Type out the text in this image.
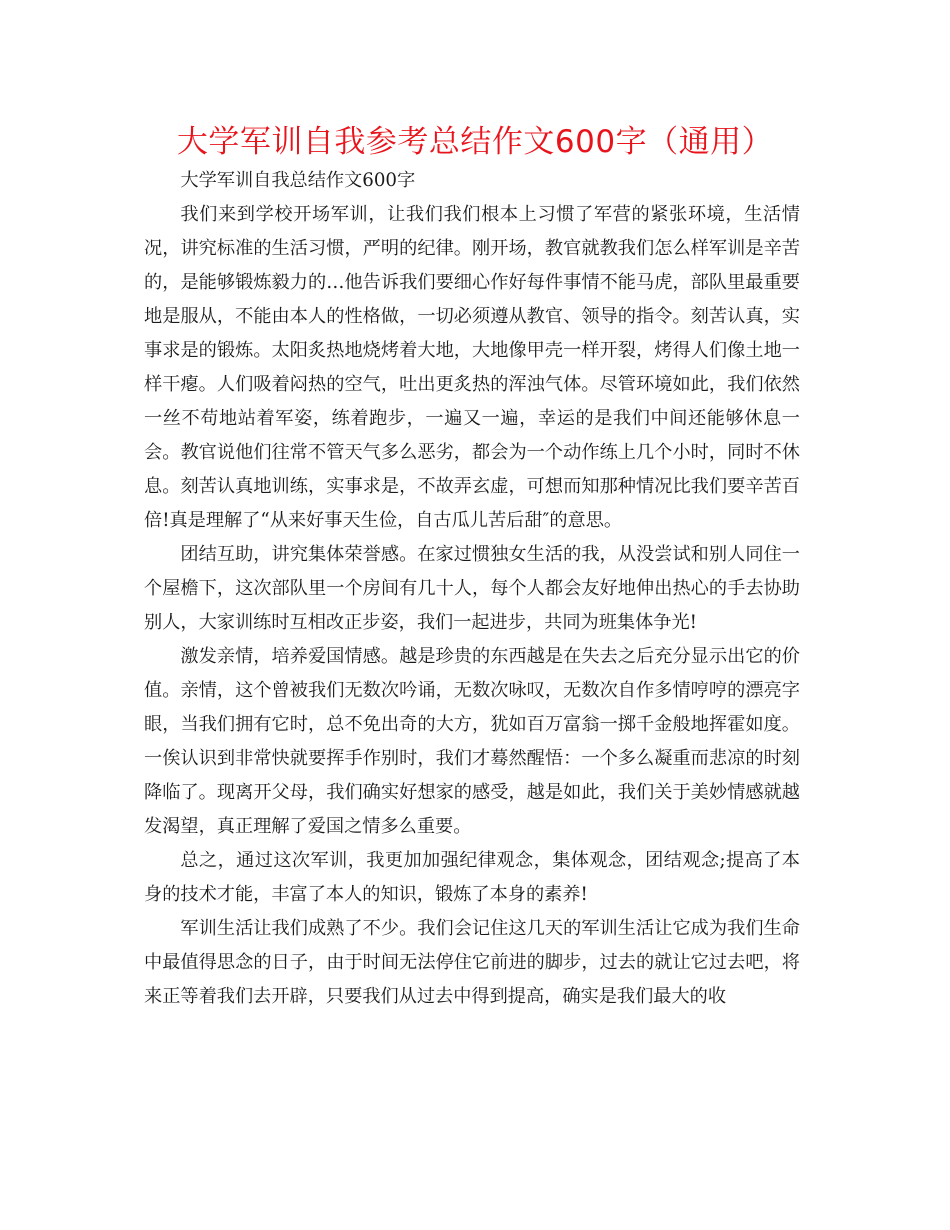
大学军训自我参考总结作文600字（通用）

大学军训自我总结作文600字

我们来到学校开场军训，让我们我们根本上习惯了军营的紧张环境，生活情况，讲究标准的生活习惯，严明的纪律。刚开场，教官就教我们怎么样军训是辛苦的，是能够锻炼毅力的…他告诉我们要细心作好每件事情不能马虎，部队里最重要地是服从，不能由本人的性格做，一切必须遵从教官、领导的指令。刻苦认真，实事求是的锻炼。太阳炙热地烧烤着大地，大地像甲壳一样开裂，烤得人们像土地一样干瘪。人们吸着闷热的空气，吐出更炙热的浑浊气体。尽管环境如此，我们依然一丝不苟地站着军姿，练着跑步，一遍又一遍，幸运的是我们中间还能够休息一会。教官说他们往常不管天气多么恶劣，都会为一个动作练上几个小时，同时不休息。刻苦认真地训练，实事求是，不故弄玄虚，可想而知那种情况比我们要辛苦百倍!真是理解了“从来好事天生俭，自古瓜儿苦后甜″的意思。

团结互助，讲究集体荣誉感。在家过惯独女生活的我，从没尝试和别人同住一个屋檐下，这次部队里一个房间有几十人，每个人都会友好地伸出热心的手去协助别人，大家训练时互相改正步姿，我们一起进步，共同为班集体争光!

激发亲情，培养爱国情感。越是珍贵的东西越是在失去之后充分显示出它的价值。亲情，这个曾被我们无数次吟诵，无数次咏叹，无数次自作多情哼哼的漂亮字眼，当我们拥有它时，总不免出奇的大方，犹如百万富翁一掷千金般地挥霍如度。一俟认识到非常快就要挥手作别时，我们才蓦然醒悟：一个多么凝重而悲凉的时刻降临了。现离开父母，我们确实好想家的感受，越是如此，我们关于美妙情感就越发渴望，真正理解了爱国之情多么重要。

总之，通过这次军训，我更加加强纪律观念，集体观念，团结观念;提高了本身的技术才能，丰富了本人的知识，锻炼了本身的素养!

军训生活让我们成熟了不少。我们会记住这几天的军训生活让它成为我们生命中最值得思念的日子，由于时间无法停住它前进的脚步，过去的就让它过去吧，将来正等着我们去开辟，只要我们从过去中得到提高，确实是我们最大的收
